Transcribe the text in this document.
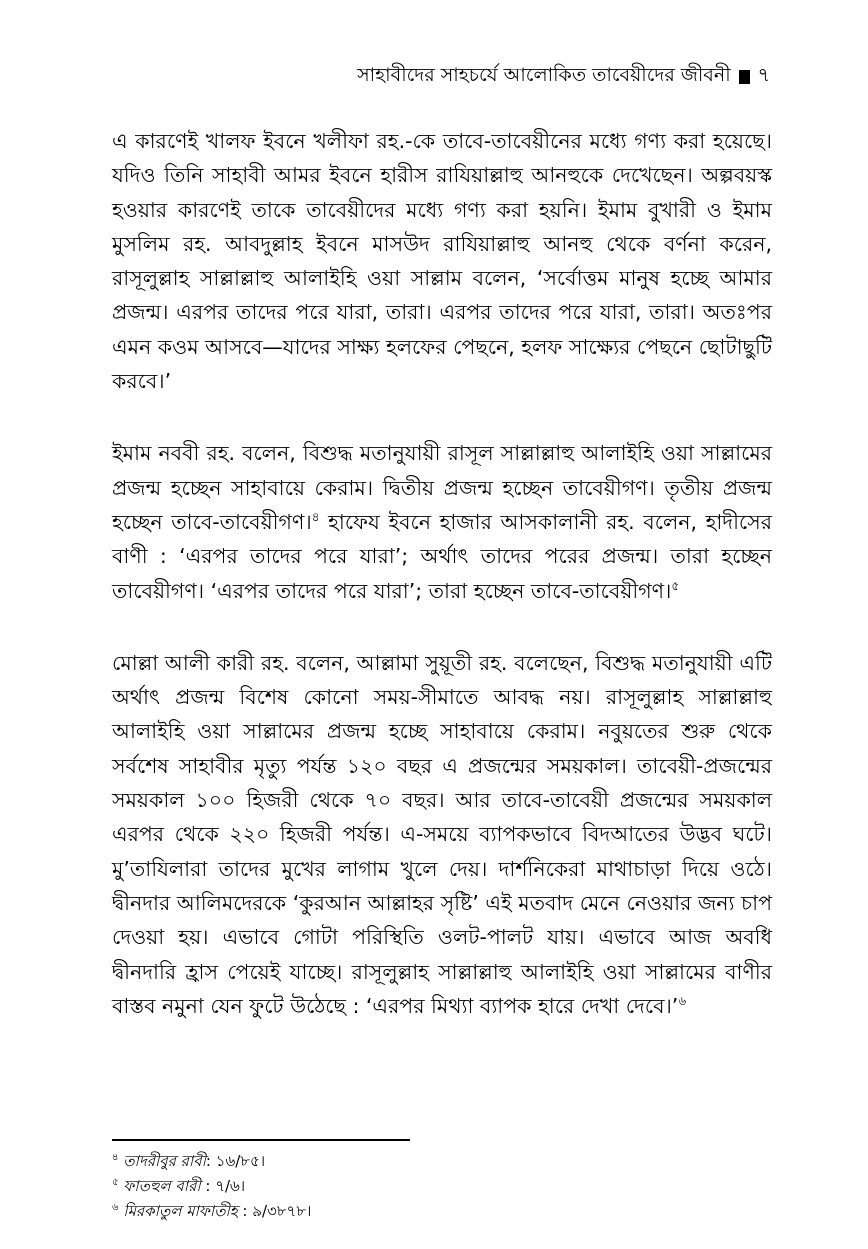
সাহাবীদের সাহচর্যে আলোকিত তাবেয়ীদের জীবনী ৭

এ কারণেই খালফ ইবনে খলীফা রহ.-কে তাবে-তাবেয়ীনের মধ্যে গণ্য করা হয়েছে। যদিও তিনি সাহাবী আমর ইবনে হারীস রাযিয়াল্লাহু আনহুকে দেখেছেন। অল্পবয়স্ক হওয়ার কারণেই তাকে তাবেয়ীদের মধ্যে গণ্য করা হয়নি। ইমাম বুখারী ও ইমাম মুসলিম রহ. আবদুল্লাহ ইবনে মাসউদ রাযিয়াল্লাহু আনহু থেকে বর্ণনা করেন, রাসূলুল্লাহ সাল্লাল্লাহু আলাইহি ওয়া সাল্লাম বলেন, ‘সর্বোত্তম মানুষ হচ্ছে আমার প্রজন্ম। এরপর তাদের পরে যারা, তারা। এরপর তাদের পরে যারা, তারা। অতঃপর এমন কওম আসবে—যাদের সাক্ষ্য হলফের পেছনে, হলফ সাক্ষ্যের পেছনে ছোটাছুটি করবে।’

ইমাম নববী রহ. বলেন, বিশুদ্ধ মতানুযায়ী রাসূল সাল্লাল্লাহু আলাইহি ওয়া সাল্লামের প্রজন্ম হচ্ছেন সাহাবায়ে কেরাম। দ্বিতীয় প্রজন্ম হচ্ছেন তাবেয়ীগণ। তৃতীয় প্রজন্ম হচ্ছেন তাবে-তাবেয়ীগণ।$^৪$ হাফেয ইবনে হাজার আসকালানী রহ. বলেন, হাদীসের বাণী : ‘এরপর তাদের পরে যারা’; অর্থাৎ তাদের পরের প্রজন্ম। তারা হচ্ছেন তাবেয়ীগণ। ‘এরপর তাদের পরে যারা’; তারা হচ্ছেন তাবে-তাবেয়ীগণ।$^৫$

মোল্লা আলী কারী রহ. বলেন, আল্লামা সুয়ূতী রহ. বলেছেন, বিশুদ্ধ মতানুযায়ী এটি অর্থাৎ প্রজন্ম বিশেষ কোনো সময়-সীমাতে আবদ্ধ নয়। রাসূলুল্লাহ সাল্লাল্লাহু আলাইহি ওয়া সাল্লামের প্রজন্ম হচ্ছে সাহাবায়ে কেরাম। নবুয়তের শুরু থেকে সর্বশেষ সাহাবীর মৃত্যু পর্যন্ত ১২০ বছর এ প্রজন্মের সময়কাল। তাবেয়ী-প্রজন্মের সময়কাল ১০০ হিজরী থেকে ৭০ বছর। আর তাবে-তাবেয়ী প্রজন্মের সময়কাল এরপর থেকে ২২০ হিজরী পর্যন্ত। এ-সময়ে ব্যাপকভাবে বিদআতের উদ্ভব ঘটে। মু’তাযিলারা তাদের মুখের লাগাম খুলে দেয়। দার্শনিকেরা মাথাচাড়া দিয়ে ওঠে। দ্বীনদার আলিমদেরকে ‘কুরআন আল্লাহর সৃষ্টি’ এই মতবাদ মেনে নেওয়ার জন্য চাপ দেওয়া হয়। এভাবে গোটা পরিস্থিতি ওলট-পালট যায়। এভাবে আজ অবধি দ্বীনদারি হ্রাস পেয়েই যাচ্ছে। রাসূলুল্লাহ সাল্লাল্লাহু আলাইহি ওয়া সাল্লামের বাণীর বাস্তব নমুনা যেন ফুটে উঠেছে : ‘এরপর মিথ্যা ব্যাপক হারে দেখা দেবে।’$^৬$

$^৪$ তাদরীবুর রাবী: ১৬/৮৫।
$^৫$ ফাতহুল বারী : ৭/৬।
$^৬$ মিরকাতুল মাফাতীহ : ৯/৩৮৭৮।
